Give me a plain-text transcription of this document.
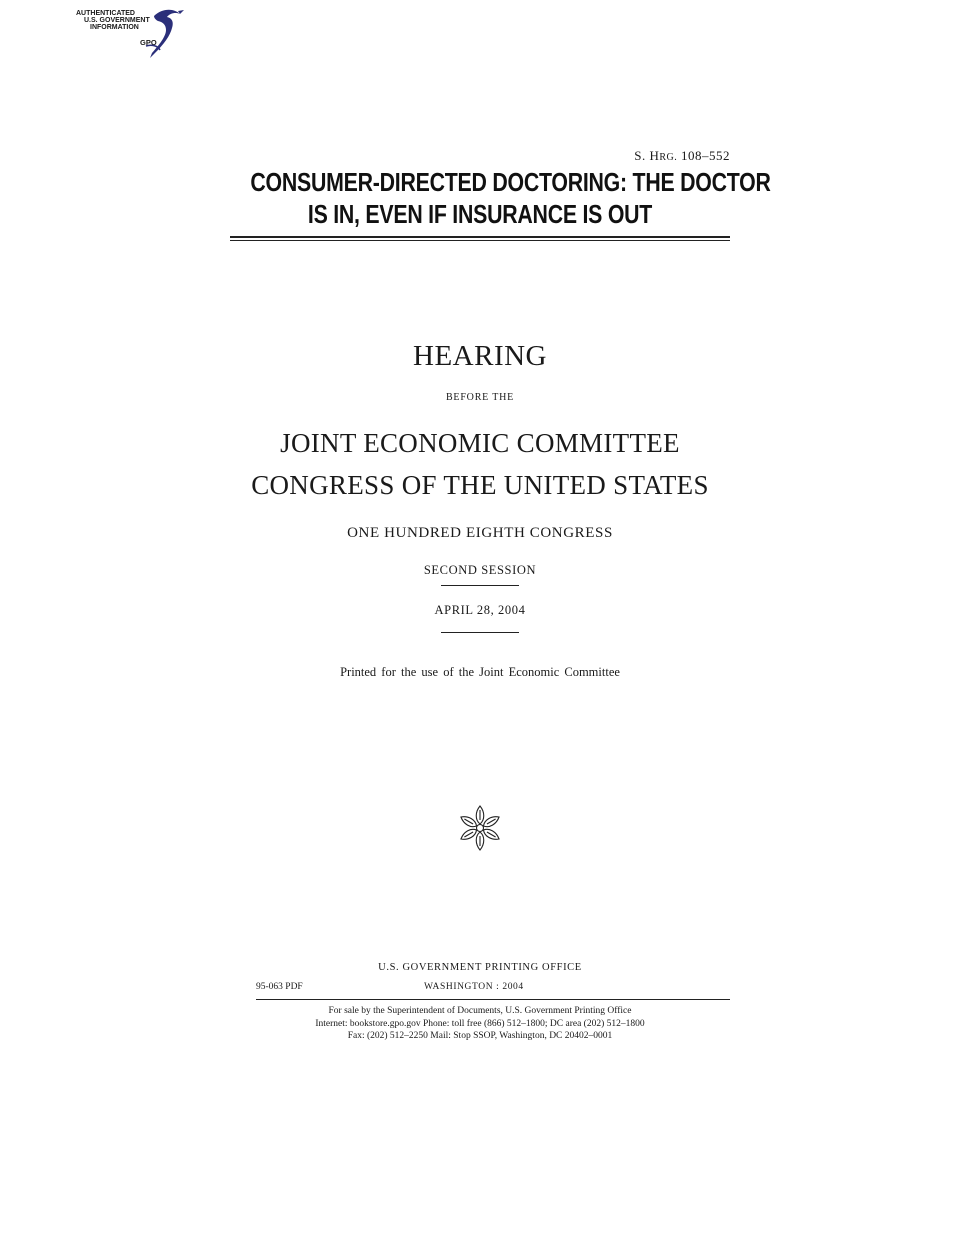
AUTHENTICATED
U.S. GOVERNMENT
INFORMATION
GPO
S. HRG. 108–552
CONSUMER-DIRECTED DOCTORING: THE DOCTOR
IS IN, EVEN IF INSURANCE IS OUT
HEARING
BEFORE THE
JOINT ECONOMIC COMMITTEE
CONGRESS OF THE UNITED STATES
ONE HUNDRED EIGHTH CONGRESS
SECOND SESSION
APRIL 28, 2004
Printed for the use of the Joint Economic Committee
U.S. GOVERNMENT PRINTING OFFICE
95-063 PDF	WASHINGTON : 2004
For sale by the Superintendent of Documents, U.S. Government Printing Office
Internet: bookstore.gpo.gov Phone: toll free (866) 512–1800; DC area (202) 512–1800
Fax: (202) 512–2250 Mail: Stop SSOP, Washington, DC 20402–0001
